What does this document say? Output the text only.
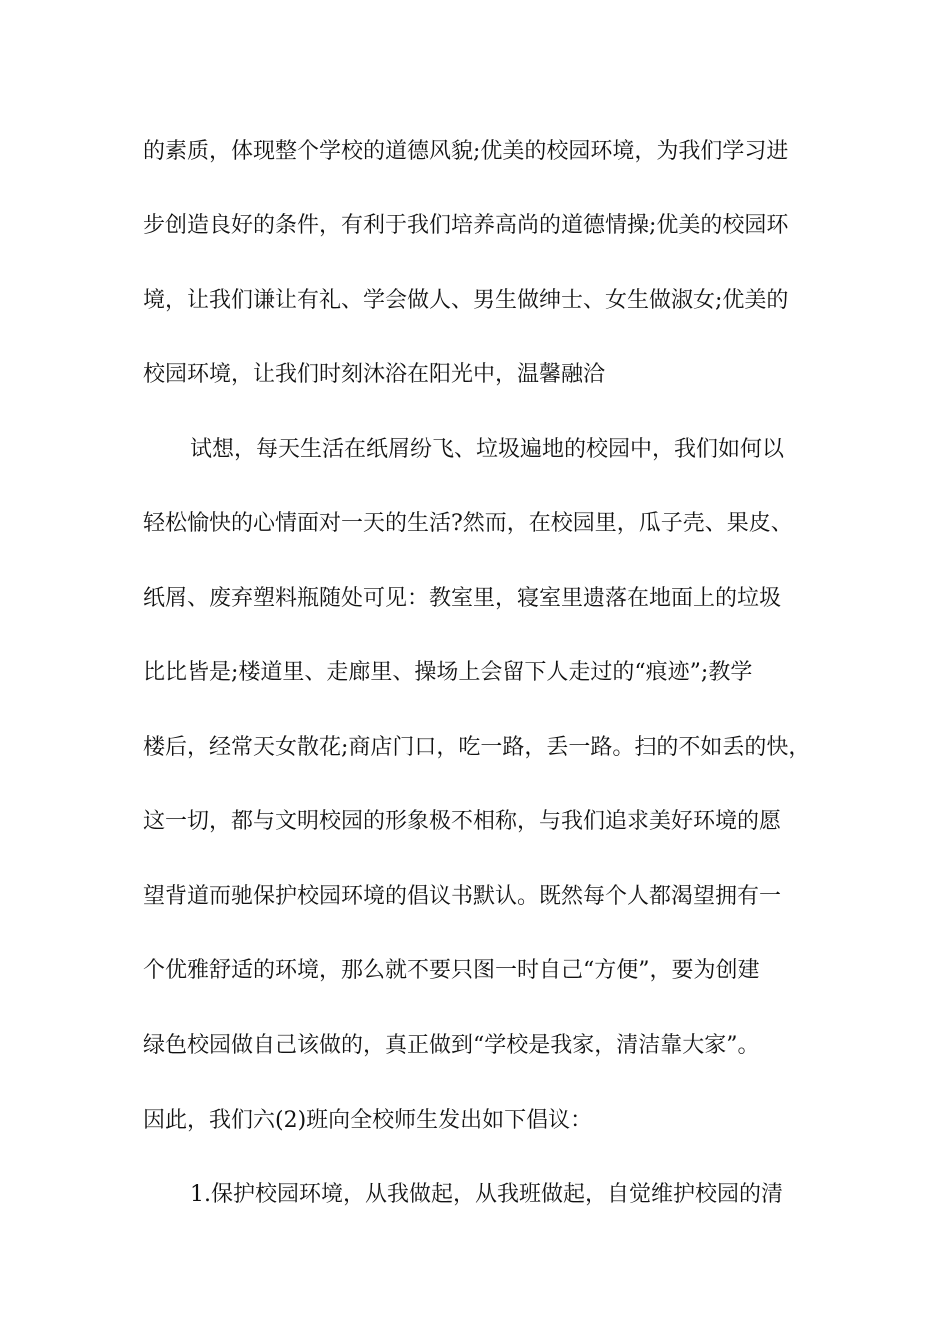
的素质，体现整个学校的道德风貌;优美的校园环境，为我们学习进
步创造良好的条件，有利于我们培养高尚的道德情操;优美的校园环
境，让我们谦让有礼、学会做人、男生做绅士、女生做淑女;优美的
校园环境，让我们时刻沐浴在阳光中，温馨融洽
试想，每天生活在纸屑纷飞、垃圾遍地的校园中，我们如何以
轻松愉快的心情面对一天的生活?然而，在校园里，瓜子壳、果皮、
纸屑、废弃塑料瓶随处可见：教室里，寝室里遗落在地面上的垃圾
比比皆是;楼道里、走廊里、操场上会留下人走过的“痕迹”;教学
楼后，经常天女散花;商店门口，吃一路，丢一路。扫的不如丢的快，
这一切，都与文明校园的形象极不相称，与我们追求美好环境的愿
望背道而驰保护校园环境的倡议书默认。既然每个人都渴望拥有一
个优雅舒适的环境，那么就不要只图一时自己“方便”，要为创建
绿色校园做自己该做的，真正做到“学校是我家，清洁靠大家”。
因此，我们六(2)班向全校师生发出如下倡议：
1.保护校园环境，从我做起，从我班做起，自觉维护校园的清
